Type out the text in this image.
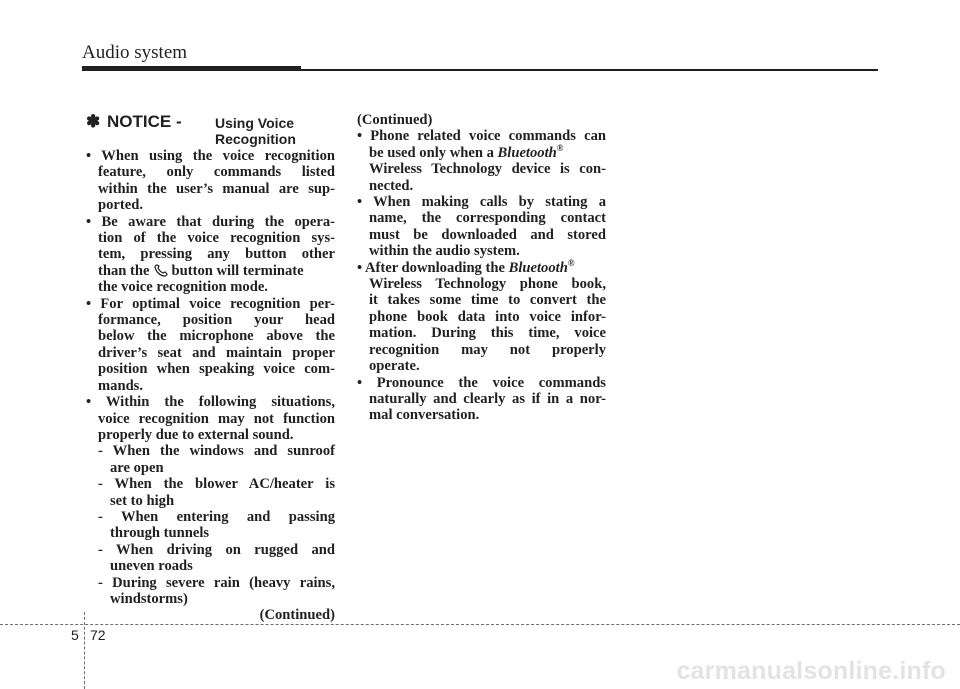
Audio system
✽ NOTICE - Using Voice
Recognition
• When using the voice recognition
feature, only commands listed
within the user’s manual are sup-
ported.
• Be aware that during the opera-
tion of the voice recognition sys-
tem, pressing any button other
than the button will terminate
the voice recognition mode.
• For optimal voice recognition per-
formance, position your head
below the microphone above the
driver’s seat and maintain proper
position when speaking voice com-
mands.
• Within the following situations,
voice recognition may not function
properly due to external sound.
- When the windows and sunroof
are open
- When the blower AC/heater is
set to high
- When entering and passing
through tunnels
- When driving on rugged and
uneven roads
- During severe rain (heavy rains,
windstorms)
(Continued)
(Continued)
• Phone related voice commands can
be used only when a Bluetooth®
Wireless Technology device is con-
nected.
• When making calls by stating a
name, the corresponding contact
must be downloaded and stored
within the audio system.
• After downloading the Bluetooth®
Wireless Technology phone book,
it takes some time to convert the
phone book data into voice infor-
mation. During this time, voice
recognition may not properly
operate.
• Pronounce the voice commands
naturally and clearly as if in a nor-
mal conversation.
5 72
carmanualsonline.info
